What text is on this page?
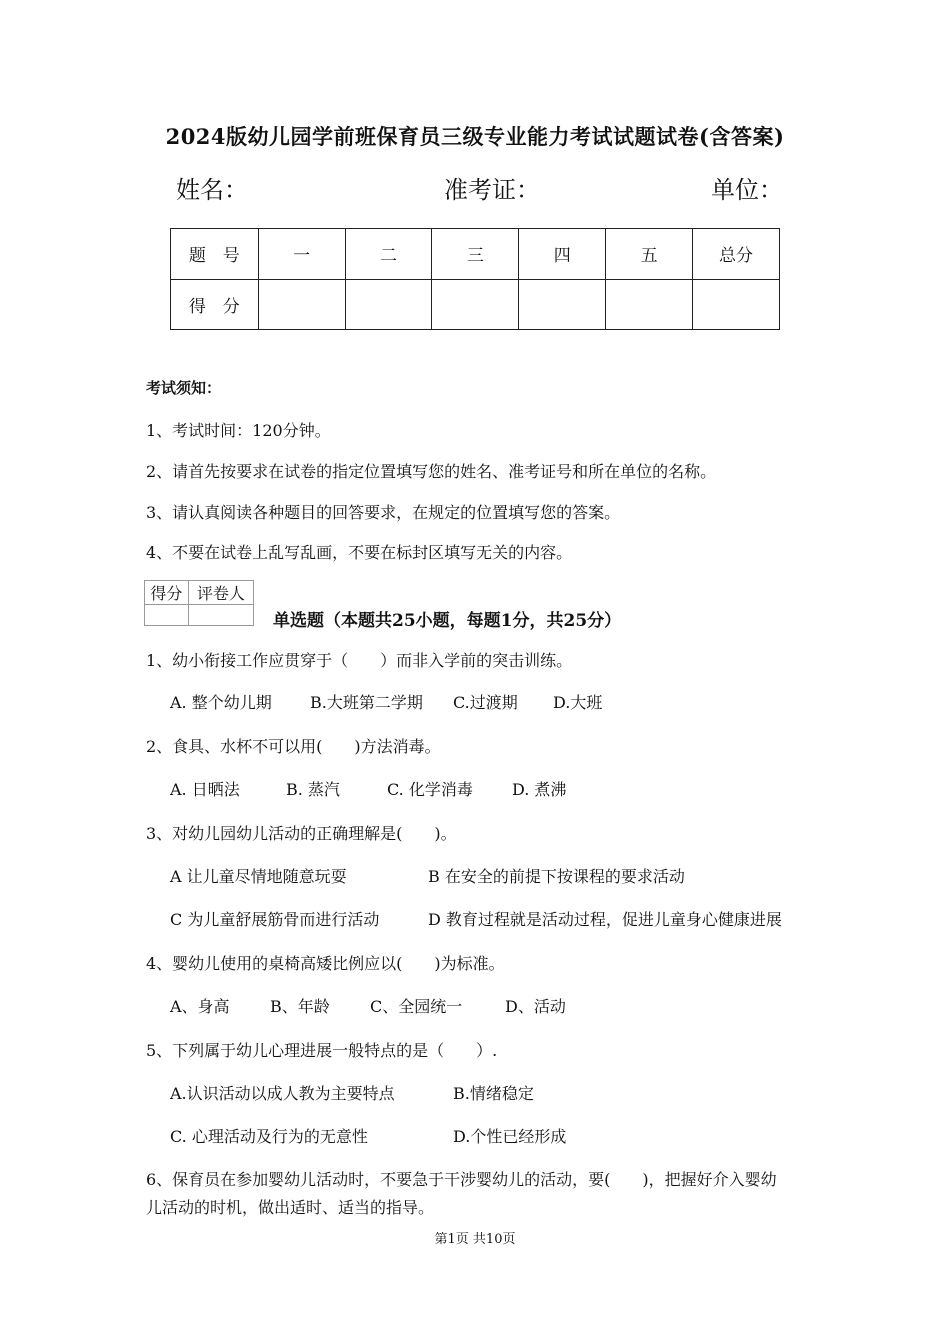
2024版幼儿园学前班保育员三级专业能力考试试题试卷(含答案)
姓名：	准考证：	单位：
题　号	一	二	三	四	五	总分
得　分						
考试须知：
1、考试时间：120分钟。
2、请首先按要求在试卷的指定位置填写您的姓名、准考证号和所在单位的名称。
3、请认真阅读各种题目的回答要求，在规定的位置填写您的答案。
4、不要在试卷上乱写乱画，不要在标封区填写无关的内容。
得分	评卷人

单选题（本题共25小题，每题1分，共25分）
1、幼小衔接工作应贯穿于（　　）而非入学前的突击训练。
A. 整个幼儿期 B.大班第二学期 C.过渡期 D.大班
2、食具、水杯不可以用(　　)方法消毒。
A. 日晒法	B. 蒸汽	C. 化学消毒 D. 煮沸
3、对幼儿园幼儿活动的正确理解是(　　)。
A 让儿童尽情地随意玩耍	B 在安全的前提下按课程的要求活动
C 为儿童舒展筋骨而进行活动	D 教育过程就是活动过程，促进儿童身心健康进展
4、婴幼儿使用的桌椅高矮比例应以(　　)为标准。
A、身高	B、年龄	C、全园统一	D、活动
5、下列属于幼儿心理进展一般特点的是（　　）.
A.认识活动以成人教为主要特点	B.情绪稳定
C. 心理活动及行为的无意性	D.个性已经形成
6、保育员在参加婴幼儿活动时，不要急于干涉婴幼儿的活动，要(　　)，把握好介入婴幼
儿活动的时机，做出适时、适当的指导。
第1页 共10页
